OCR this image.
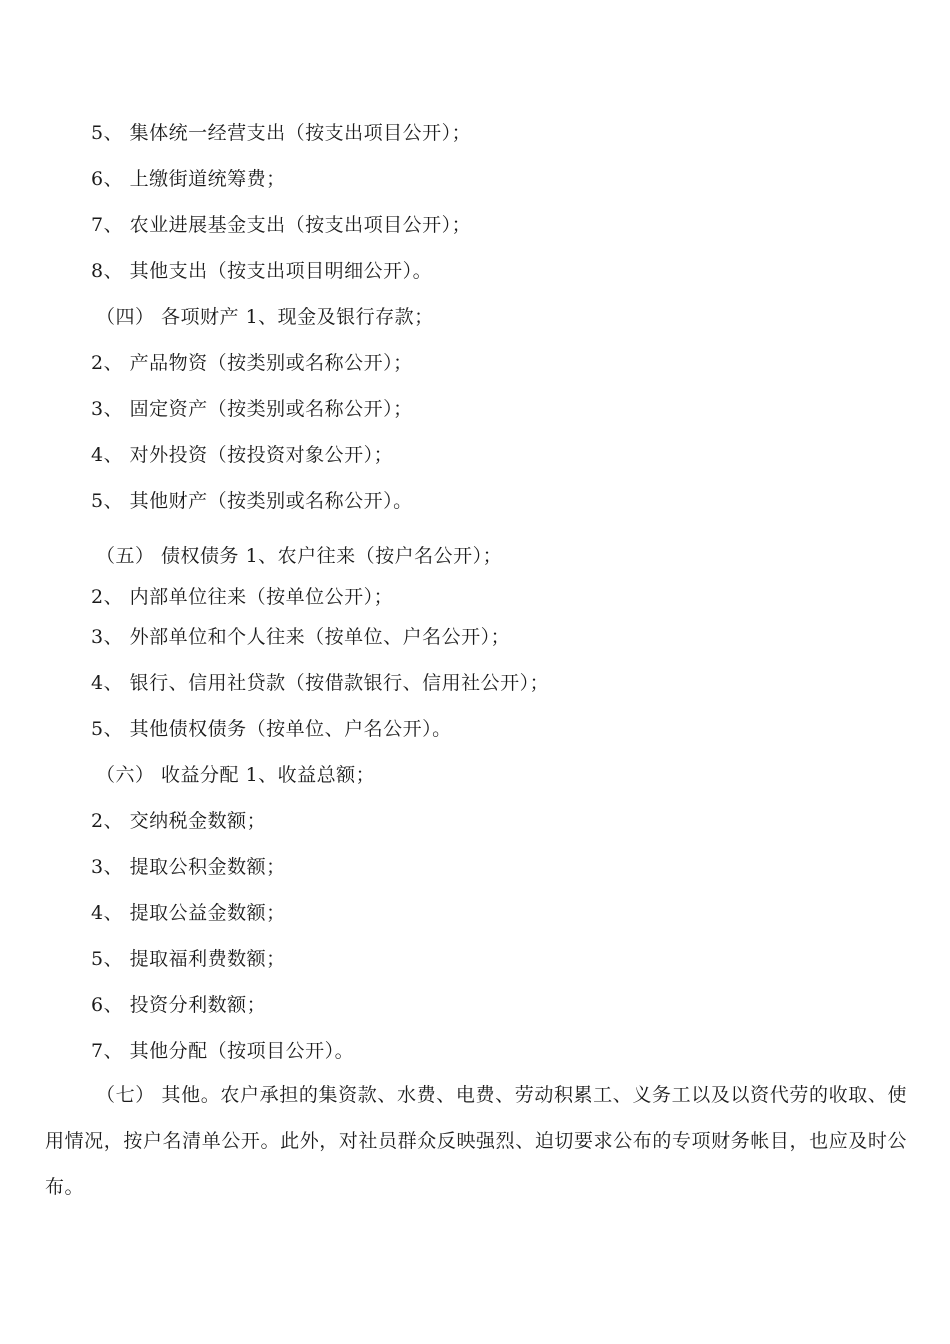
5、 集体统一经营支出（按支出项目公开）；
6、 上缴街道统筹费；
7、 农业进展基金支出（按支出项目公开）；
8、 其他支出（按支出项目明细公开）。
（四） 各项财产 1、现金及银行存款；
2、 产品物资（按类别或名称公开）；
3、 固定资产（按类别或名称公开）；
4、 对外投资（按投资对象公开）；
5、 其他财产（按类别或名称公开）。
（五） 债权债务 1、农户往来（按户名公开）；
2、 内部单位往来（按单位公开）；
3、 外部单位和个人往来（按单位、户名公开）；
4、 银行、信用社贷款（按借款银行、信用社公开）；
5、 其他债权债务（按单位、户名公开）。
（六） 收益分配 1、收益总额；
2、 交纳税金数额；
3、 提取公积金数额；
4、 提取公益金数额；
5、 提取福利费数额；
6、 投资分利数额；
7、 其他分配（按项目公开）。
（七） 其他。农户承担的集资款、水费、电费、劳动积累工、义务工以及以资代劳的收取、使用情况，按户名清单公开。此外，对社员群众反映强烈、迫切要求公布的专项财务帐目，也应及时公布。
